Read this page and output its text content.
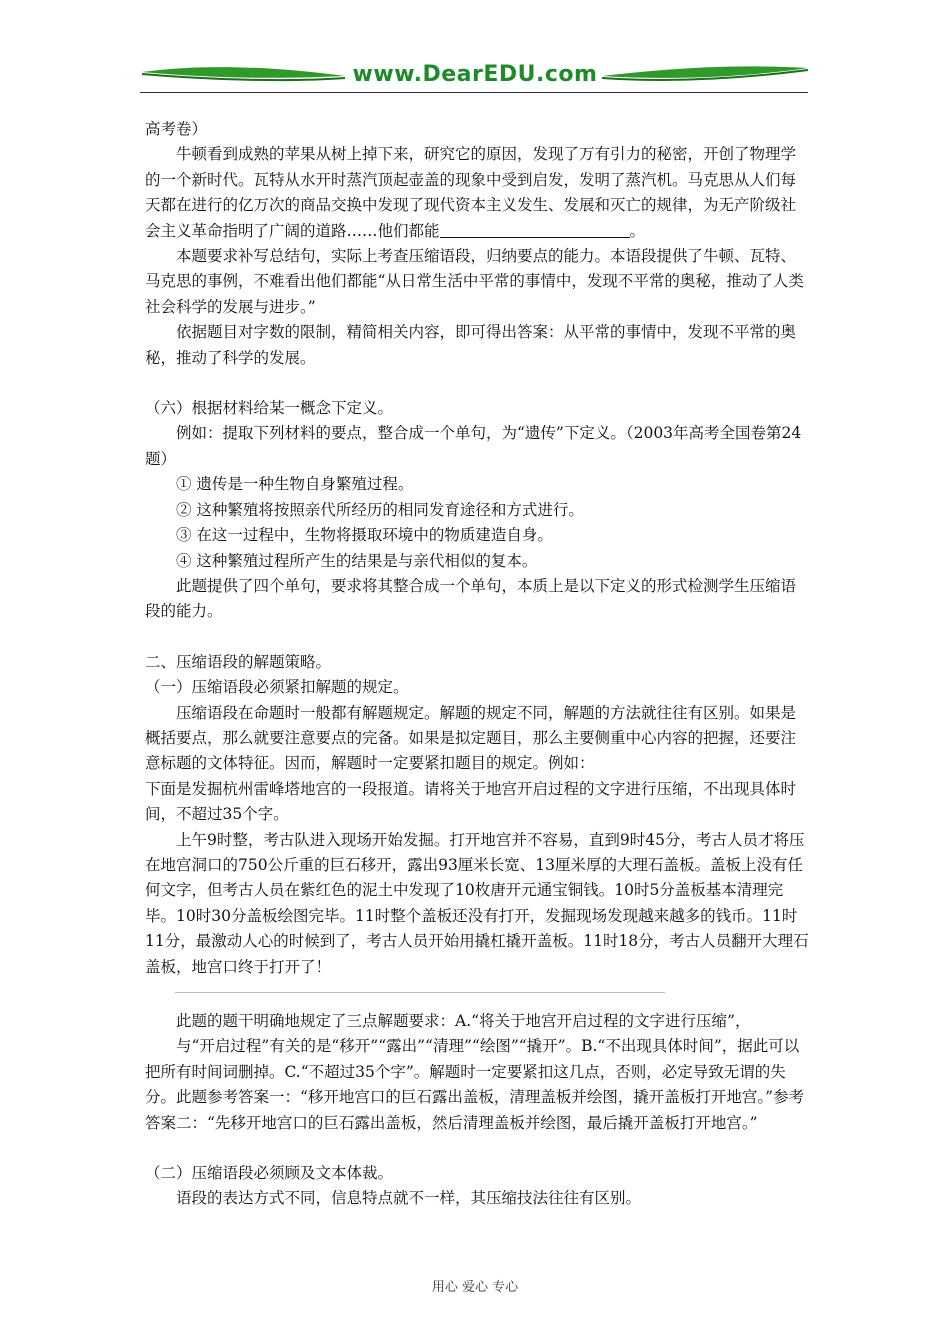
www.DearEDU.com

高考卷）

牛顿看到成熟的苹果从树上掉下来，研究它的原因，发现了万有引力的秘密，开创了物理学的一个新时代。瓦特从水开时蒸汽顶起壶盖的现象中受到启发，发明了蒸汽机。马克思从人们每天都在进行的亿万次的商品交换中发现了现代资本主义发生、发展和灭亡的规律，为无产阶级社会主义革命指明了广阔的道路……他们都能	。

本题要求补写总结句，实际上考查压缩语段，归纳要点的能力。本语段提供了牛顿、瓦特、马克思的事例，不难看出他们都能“从日常生活中平常的事情中，发现不平常的奥秘，推动了人类社会科学的发展与进步。”

依据题目对字数的限制，精简相关内容，即可得出答案：从平常的事情中，发现不平常的奥秘，推动了科学的发展。

（六）根据材料给某一概念下定义。

例如：提取下列材料的要点，整合成一个单句，为“遗传”下定义。（2003年高考全国卷第24题）

① 遗传是一种生物自身繁殖过程。

② 这种繁殖将按照亲代所经历的相同发育途径和方式进行。

③ 在这一过程中，生物将摄取环境中的物质建造自身。

④ 这种繁殖过程所产生的结果是与亲代相似的复本。

此题提供了四个单句，要求将其整合成一个单句，本质上是以下定义的形式检测学生压缩语段的能力。

二、压缩语段的解题策略。

（一）压缩语段必须紧扣解题的规定。

压缩语段在命题时一般都有解题规定。解题的规定不同，解题的方法就往往有区别。如果是概括要点，那么就要注意要点的完备。如果是拟定题目，那么主要侧重中心内容的把握，还要注意标题的文体特征。因而，解题时一定要紧扣题目的规定。例如：

下面是发掘杭州雷峰塔地宫的一段报道。请将关于地宫开启过程的文字进行压缩，不出现具体时间，不超过35个字。

上午9时整，考古队进入现场开始发掘。打开地宫并不容易，直到9时45分，考古人员才将压在地宫洞口的750公斤重的巨石移开，露出93厘米长宽、13厘米厚的大理石盖板。盖板上没有任何文字，但考古人员在紫红色的泥土中发现了10枚唐开元通宝铜钱。10时5分盖板基本清理完毕。10时30分盖板绘图完毕。11时整个盖板还没有打开，发掘现场发现越来越多的钱币。11时11分，最激动人心的时候到了，考古人员开始用撬杠撬开盖板。11时18分，考古人员翻开大理石盖板，地宫口终于打开了！

此题的题干明确地规定了三点解题要求：A.“将关于地宫开启过程的文字进行压缩”，

与“开启过程”有关的是“移开”“露出”“清理”“绘图”“撬开”。B.“不出现具体时间”，据此可以把所有时间词删掉。C.“不超过35个字”。解题时一定要紧扣这几点，否则，必定导致无谓的失分。此题参考答案一：“移开地宫口的巨石露出盖板，清理盖板并绘图，撬开盖板打开地宫。”参考答案二：“先移开地宫口的巨石露出盖板，然后清理盖板并绘图，最后撬开盖板打开地宫。”

（二）压缩语段必须顾及文本体裁。

语段的表达方式不同，信息特点就不一样，其压缩技法往往有区别。

用心 爱心 专心
